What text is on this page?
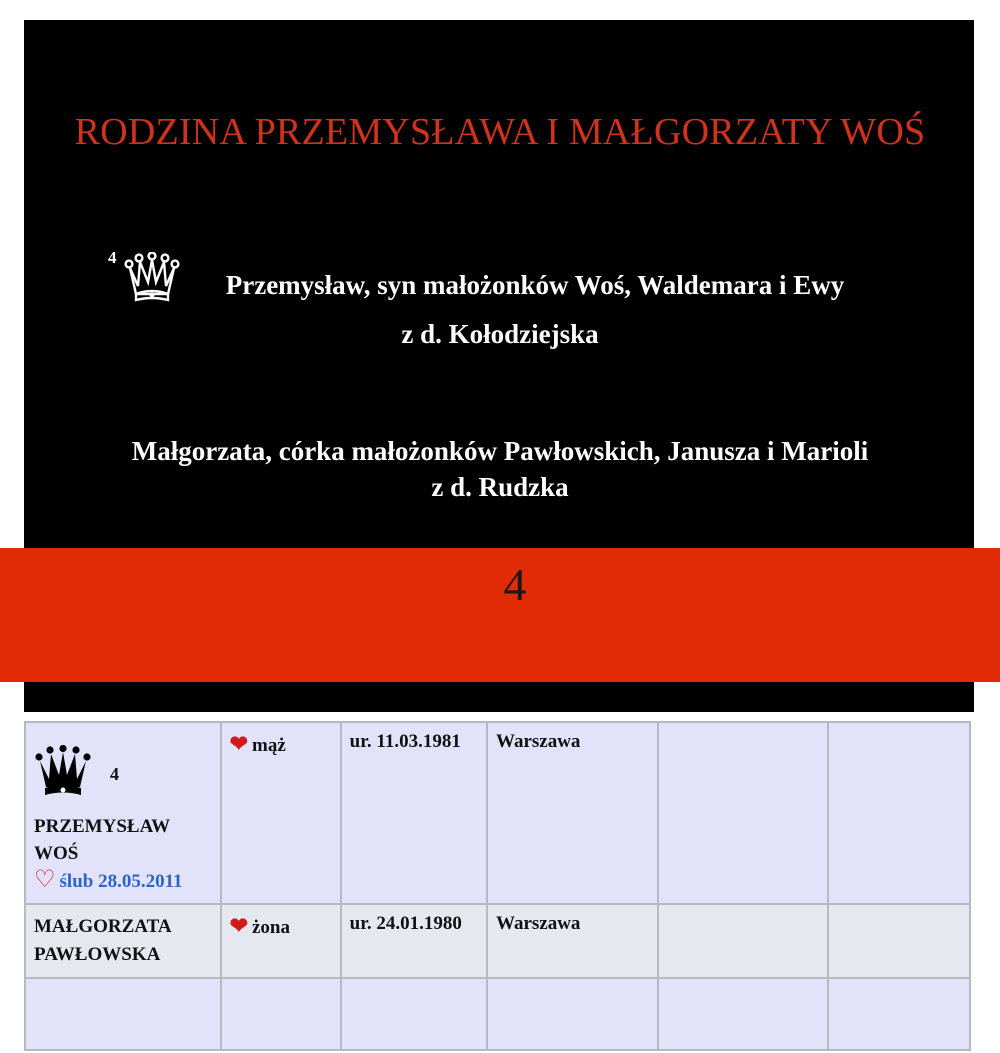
RODZINA PRZEMYSŁAWA I MAŁGORZATY WOŚ
4

Przemysław, syn małożonków Woś, Waldemara i Ewy

z d. Kołodziejska

Małgorzata, córka małożonków Pawłowskich, Janusza i Marioli

z d. Rudzka

4

4
PRZEMYSŁAW WOŚ
♡ ślub 28.05.2011	❤ mąż	ur. 11.03.1981	Warszawa		

MAŁGORZATA PAWŁOWSKA	❤ żona	ur. 24.01.1980	Warszawa		
